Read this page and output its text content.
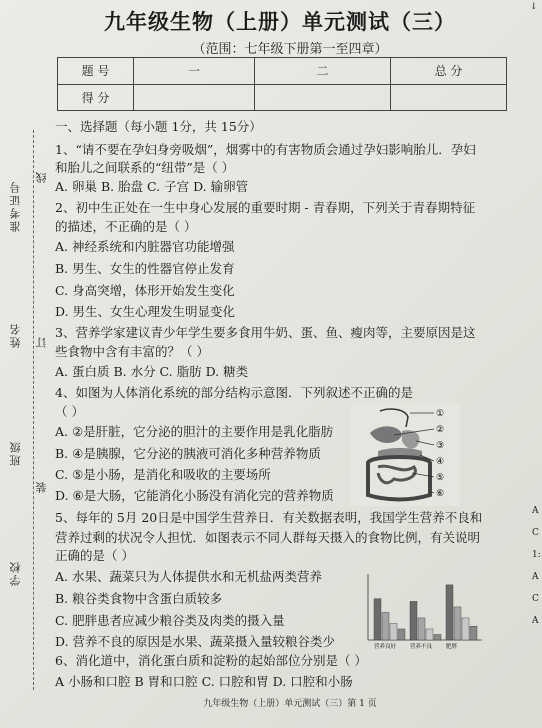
↓
九年级生物（上册）单元测试（三）
（范围：七年级下册第一至四章）
题 号	一	二	总 分
得 分			
准考证号
线
姓名 订
班级
装
学校
一、选择题（每小题 1分，共 15分）
1、“请不要在孕妇身旁吸烟”，烟雾中的有害物质会通过孕妇影响胎儿．孕妇
和胎儿之间联系的“纽带”是（ ）
A. 卵巢 B. 胎盘 C. 子宫 D. 输卵管
2、初中生正处在一生中身心发展的重要时期 - 青春期，下列关于青春期特征
的描述，不正确的是（ ）
A. 神经系统和内脏器官功能增强
B. 男生、女生的性器官停止发育
C. 身高突增，体形开始发生变化
D. 男生、女生心理发生明显变化
3、营养学家建议青少年学生要多食用牛奶、蛋、鱼、瘦肉等，主要原因是这
些食物中含有丰富的？（ ）
A. 蛋白质 B. 水分 C. 脂肪 D. 糖类
4、如图为人体消化系统的部分结构示意图．下列叙述不正确的是
（ ）
A. ②是肝脏，它分泌的胆汁的主要作用是乳化脂肪
B. ④是胰腺，它分泌的胰液可消化多种营养物质
C. ⑤是小肠，是消化和吸收的主要场所
D. ⑥是大肠，它能消化小肠没有消化完的营养物质
5、每年的 5月 20日是中国学生营养日．有关数据表明，我国学生营养不良和
营养过剩的状况令人担忧．如图表示不同人群每天摄入的食物比例，有关说明
正确的是（ ）
A. 水果、蔬菜只为人体提供水和无机盐两类营养
B. 粮谷类食物中含蛋白质较多
C. 肥胖患者应减少粮谷类及肉类的摄入量
D. 营养不良的原因是水果、蔬菜摄入量较粮谷类少
6、消化道中，消化蛋白质和淀粉的起始部位分别是（ ）
A 小肠和口腔 B 胃和口腔 C. 口腔和胃 D. 口腔和小肠
①
②
③
④
⑤
⑥
营养良好	营养不良	肥胖
九年级生物（上册）单元测试（三）第 1 页
A
C
1:
A
C
A
